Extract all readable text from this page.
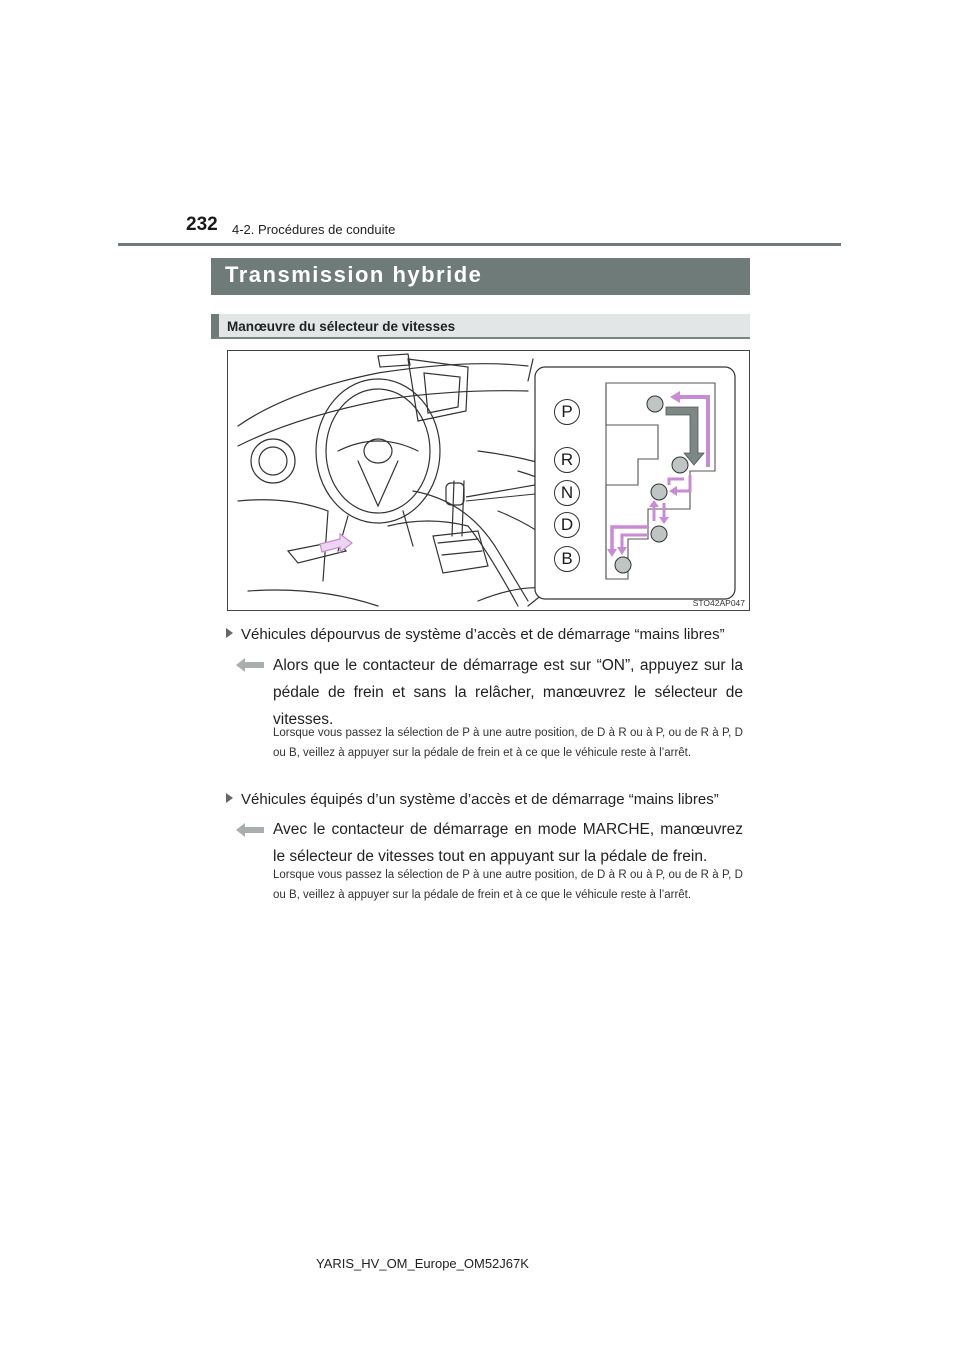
232 4-2. Procédures de conduite
Transmission hybride
Manœuvre du sélecteur de vitesses
P
R
N
D
B
STO42AP047
Véhicules dépourvus de système d’accès et de démarrage “mains libres”
Alors que le contacteur de démarrage est sur “ON”, appuyez sur la pédale de frein et sans la relâcher, manœuvrez le sélecteur de vitesses.
Lorsque vous passez la sélection de P à une autre position, de D à R ou à P, ou de R à P, D ou B, veillez à appuyer sur la pédale de frein et à ce que le véhicule reste à l’arrêt.
Véhicules équipés d’un système d’accès et de démarrage “mains libres”
Avec le contacteur de démarrage en mode MARCHE, manœuvrez le sélecteur de vitesses tout en appuyant sur la pédale de frein.
Lorsque vous passez la sélection de P à une autre position, de D à R ou à P, ou de R à P, D ou B, veillez à appuyer sur la pédale de frein et à ce que le véhicule reste à l’arrêt.
YARIS_HV_OM_Europe_OM52J67K
